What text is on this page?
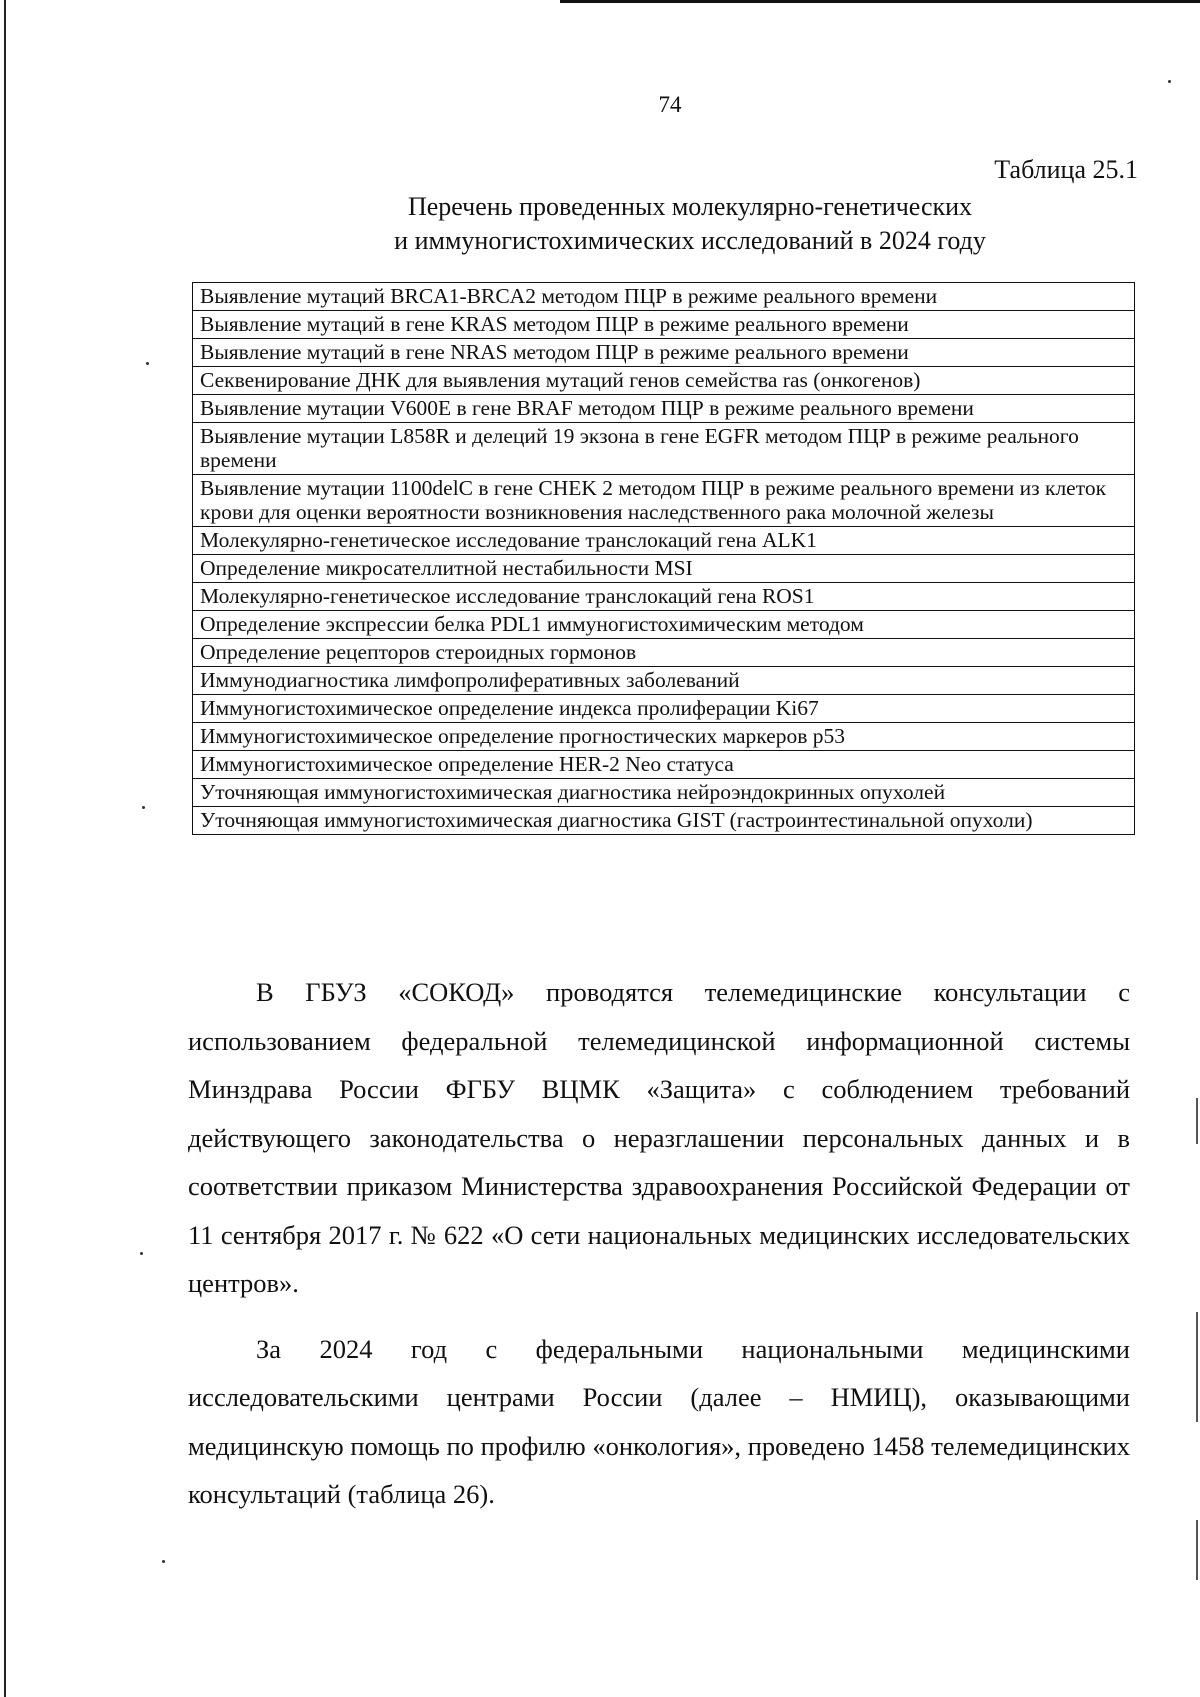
74
Таблица 25.1
Перечень проведенных молекулярно-генетических
и иммуногистохимических исследований в 2024 году
Выявление мутаций BRCA1-BRCA2 методом ПЦР в режиме реального времени
Выявление мутаций в гене KRAS методом ПЦР в режиме реального времени
Выявление мутаций в гене NRAS методом ПЦР в режиме реального времени
Секвенирование ДНК для выявления мутаций генов семейства ras (онкогенов)
Выявление мутации V600E в гене BRAF методом ПЦР в режиме реального времени
Выявление мутации L858R и делеций 19 экзона в гене EGFR методом ПЦР в режиме реального времени
Выявление мутации 1100delC в гене CHEK 2 методом ПЦР в режиме реального времени из клеток крови для оценки вероятности возникновения наследственного рака молочной железы
Молекулярно-генетическое исследование транслокаций гена ALK1
Определение микросателлитной нестабильности MSI
Молекулярно-генетическое исследование транслокаций гена ROS1
Определение экспрессии белка PDL1 иммуногистохимическим методом
Определение рецепторов стероидных гормонов
Иммунодиагностика лимфопролиферативных заболеваний
Иммуногистохимическое определение индекса пролиферации Ki67
Иммуногистохимическое определение прогностических маркеров p53
Иммуногистохимическое определение HER-2 Neo статуса
Уточняющая иммуногистохимическая диагностика нейроэндокринных опухолей
Уточняющая иммуногистохимическая диагностика GIST (гастроинтестинальной опухоли)

В ГБУЗ «СОКОД» проводятся телемедицинские консультации с использованием федеральной телемедицинской информационной системы Минздрава России ФГБУ ВЦМК «Защита» с соблюдением требований действующего законодательства о неразглашении персональных данных и в соответствии приказом Министерства здравоохранения Российской Федерации от 11 сентября 2017 г. № 622 «О сети национальных медицинских исследовательских центров».

За 2024 год с федеральными национальными медицинскими исследовательскими центрами России (далее – НМИЦ), оказывающими медицинскую помощь по профилю «онкология», проведено 1458 телемедицинских консультаций (таблица 26).
